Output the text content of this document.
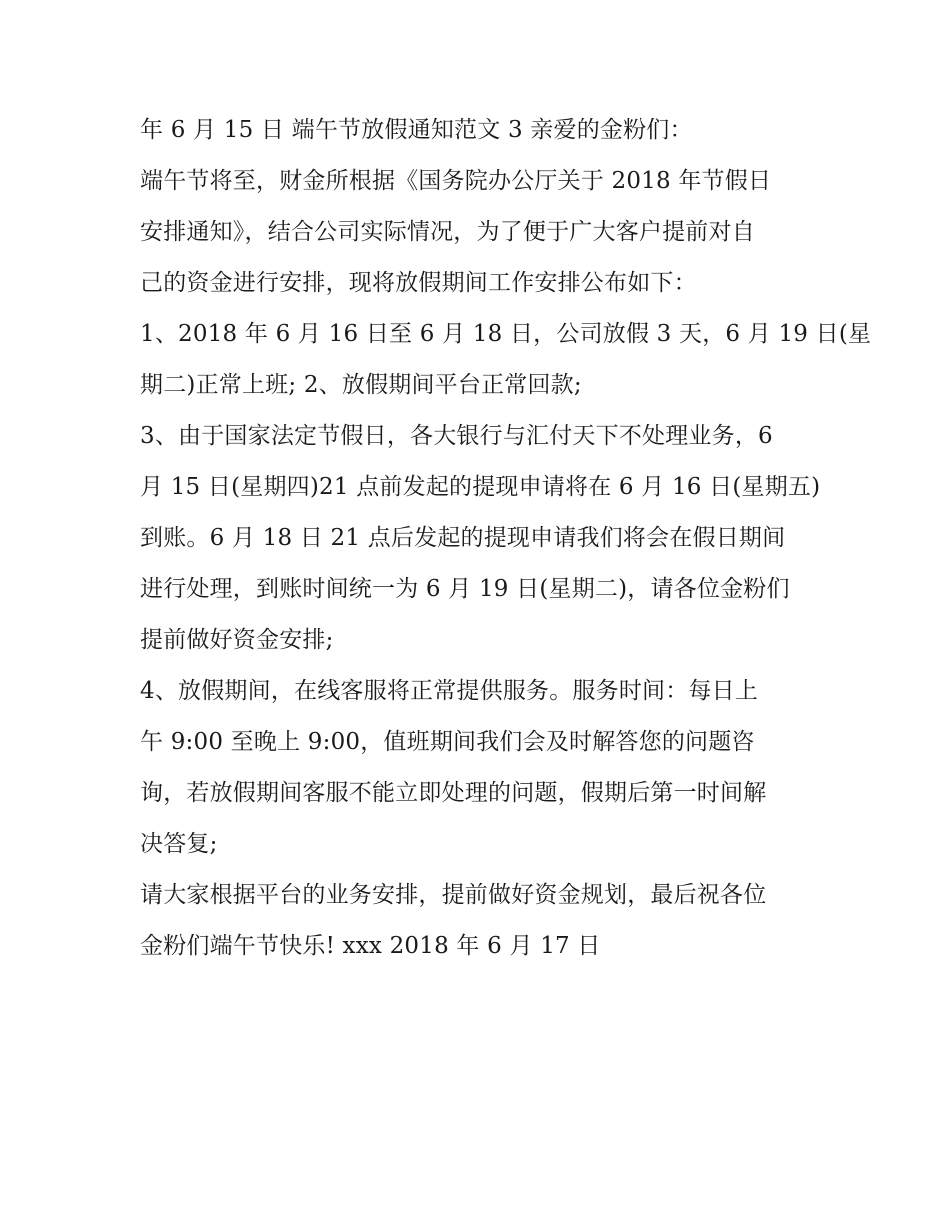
年 6 月 15 日 端午节放假通知范文 3 亲爱的金粉们：
端午节将至，财金所根据《国务院办公厅关于 2018 年节假日
安排通知》，结合公司实际情况，为了便于广大客户提前对自
己的资金进行安排，现将放假期间工作安排公布如下：
1、2018 年 6 月 16 日至 6 月 18 日，公司放假 3 天，6 月 19 日(星
期二)正常上班; 2、放假期间平台正常回款;
3、由于国家法定节假日，各大银行与汇付天下不处理业务，6
月 15 日(星期四)21 点前发起的提现申请将在 6 月 16 日(星期五)
到账。6 月 18 日 21 点后发起的提现申请我们将会在假日期间
进行处理，到账时间统一为 6 月 19 日(星期二)，请各位金粉们
提前做好资金安排;
4、放假期间，在线客服将正常提供服务。服务时间：每日上
午 9:00 至晚上 9:00，值班期间我们会及时解答您的问题咨
询，若放假期间客服不能立即处理的问题，假期后第一时间解
决答复;
请大家根据平台的业务安排，提前做好资金规划，最后祝各位
金粉们端午节快乐! xxx 2018 年 6 月 17 日
